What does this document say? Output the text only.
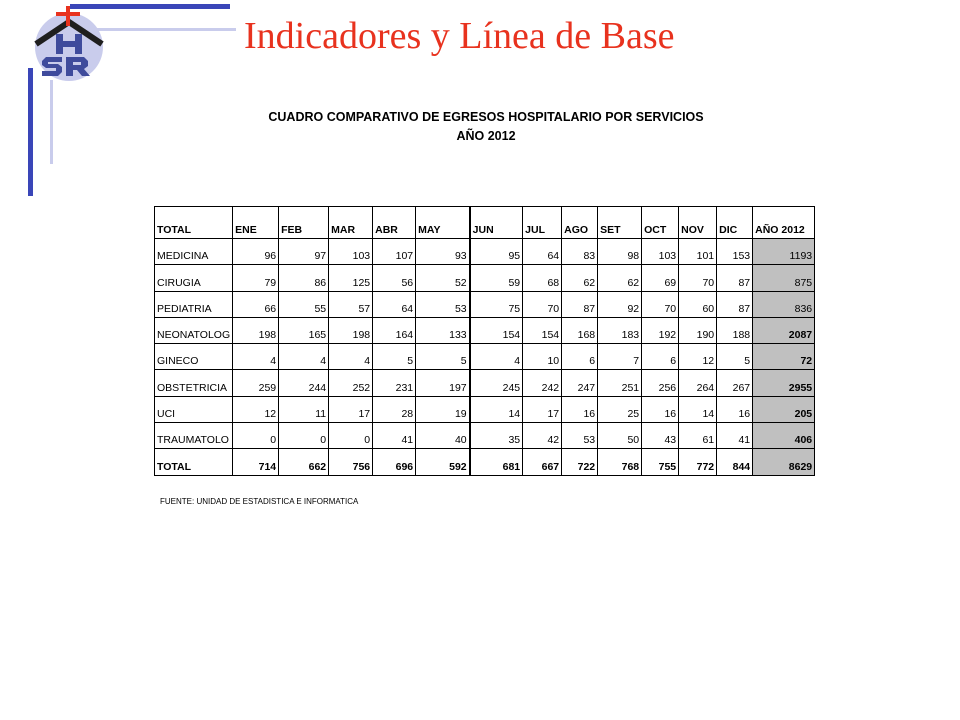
Indicadores y Línea de Base
CUADRO COMPARATIVO DE EGRESOS HOSPITALARIO POR SERVICIOS
AÑO 2012
TOTAL	ENE	FEB	MAR	ABR	MAY	JUN	JUL	AGO	SET	OCT	NOV	DIC	AÑO 2012
MEDICINA	96	97	103	107	93	95	64	83	98	103	101	153	1193
CIRUGIA	79	86	125	56	52	59	68	62	62	69	70	87	875
PEDIATRIA	66	55	57	64	53	75	70	87	92	70	60	87	836
NEONATOLOG	198	165	198	164	133	154	154	168	183	192	190	188	2087
GINECO	4	4	4	5	5	4	10	6	7	6	12	5	72
OBSTETRICIA	259	244	252	231	197	245	242	247	251	256	264	267	2955
UCI	12	11	17	28	19	14	17	16	25	16	14	16	205
TRAUMATOLO	0	0	0	41	40	35	42	53	50	43	61	41	406
TOTAL	714	662	756	696	592	681	667	722	768	755	772	844	8629
FUENTE: UNIDAD DE ESTADISTICA E INFORMATICA
